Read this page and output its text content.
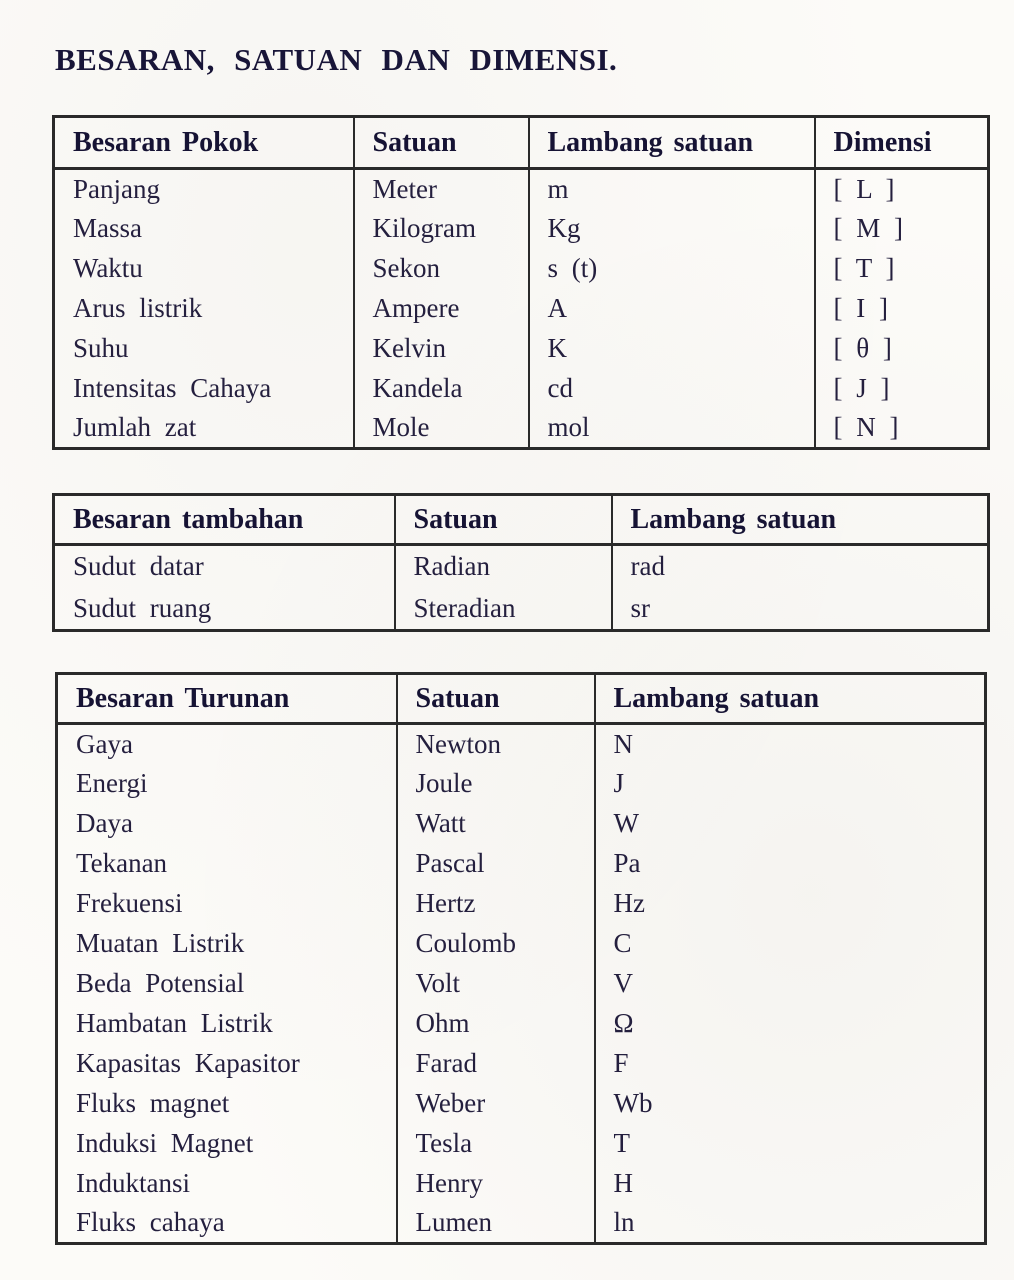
BESARAN, SATUAN DAN DIMENSI.
Besaran Pokok	Satuan	Lambang satuan	Dimensi
Panjang	Meter	m	[ L ]
Massa	Kilogram	Kg	[ M ]
Waktu	Sekon	s (t)	[ T ]
Arus listrik	Ampere	A	[ I ]
Suhu	Kelvin	K	[ θ ]
Intensitas Cahaya	Kandela	cd	[ J ]
Jumlah zat	Mole	mol	[ N ]
Besaran tambahan	Satuan	Lambang satuan
Sudut datar	Radian	rad
Sudut ruang	Steradian	sr
Besaran Turunan	Satuan	Lambang satuan
Gaya	Newton	N
Energi	Joule	J
Daya	Watt	W
Tekanan	Pascal	Pa
Frekuensi	Hertz	Hz
Muatan Listrik	Coulomb	C
Beda Potensial	Volt	V
Hambatan Listrik	Ohm	Ω
Kapasitas Kapasitor	Farad	F
Fluks magnet	Weber	Wb
Induksi Magnet	Tesla	T
Induktansi	Henry	H
Fluks cahaya	Lumen	ln
